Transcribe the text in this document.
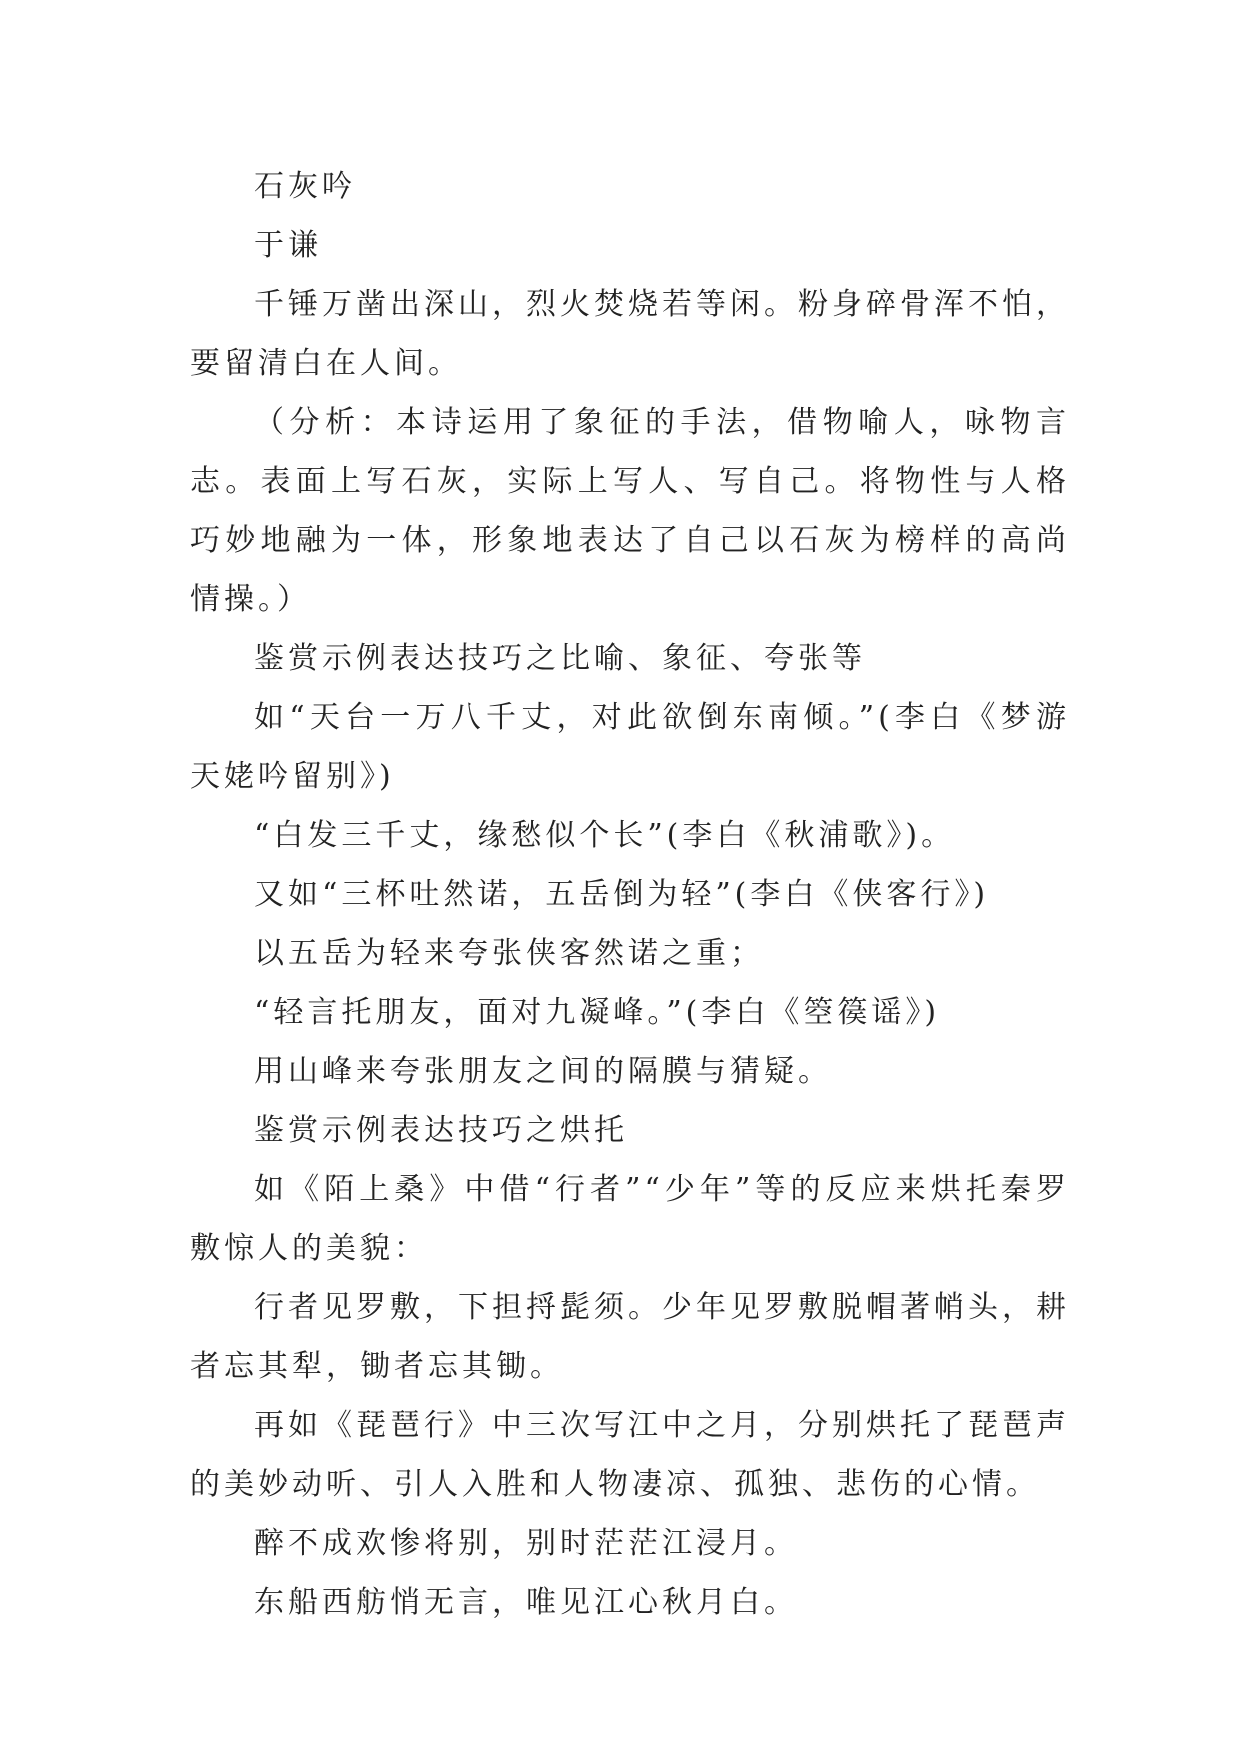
石灰吟

于谦

千锤万凿出深山，烈火焚烧若等闲。粉身碎骨浑不怕，要留清白在人间。

（分析：本诗运用了象征的手法，借物喻人，咏物言志。表面上写石灰，实际上写人、写自己。将物性与人格巧妙地融为一体，形象地表达了自己以石灰为榜样的高尚情操。）

鉴赏示例表达技巧之比喻、象征、夸张等

如“天台一万八千丈，对此欲倒东南倾。”(李白《梦游天姥吟留别》)

“白发三千丈，缘愁似个长”(李白《秋浦歌》)。

又如“三杯吐然诺，五岳倒为轻”(李白《侠客行》)

以五岳为轻来夸张侠客然诺之重；

“轻言托朋友，面对九凝峰。”(李白《箜篌谣》)

用山峰来夸张朋友之间的隔膜与猜疑。

鉴赏示例表达技巧之烘托

如《陌上桑》中借“行者”“少年”等的反应来烘托秦罗敷惊人的美貌：

行者见罗敷，下担捋髭须。少年见罗敷脱帽著帩头，耕者忘其犁，锄者忘其锄。

再如《琵琶行》中三次写江中之月，分别烘托了琵琶声的美妙动听、引人入胜和人物凄凉、孤独、悲伤的心情。

醉不成欢惨将别，别时茫茫江浸月。

东船西舫悄无言，唯见江心秋月白。
